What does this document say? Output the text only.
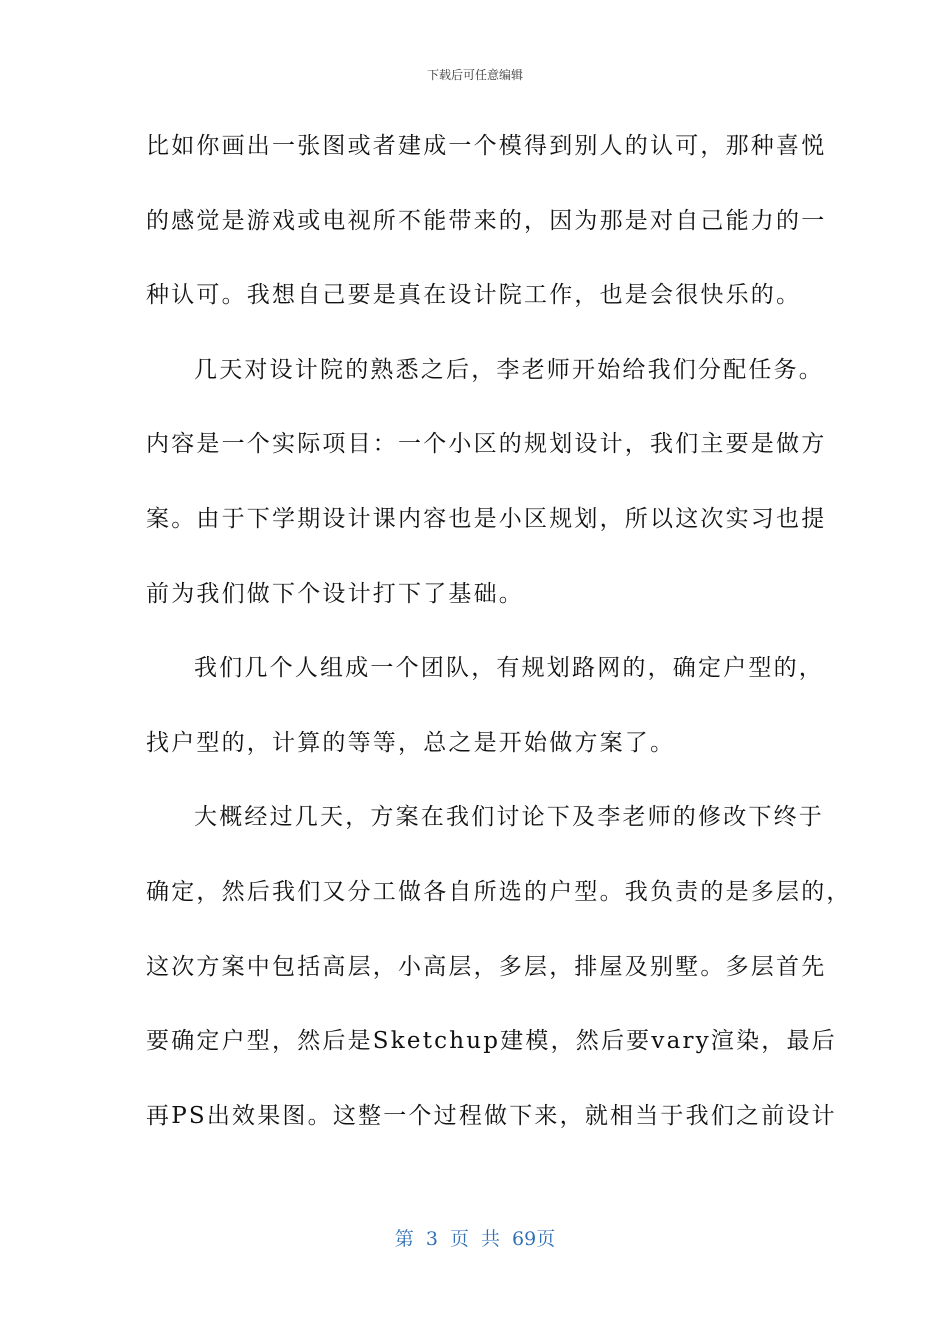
下载后可任意编辑
比如你画出一张图或者建成一个模得到别人的认可，那种喜悦
的感觉是游戏或电视所不能带来的，因为那是对自己能力的一
种认可。我想自己要是真在设计院工作，也是会很快乐的。
几天对设计院的熟悉之后，李老师开始给我们分配任务。
内容是一个实际项目：一个小区的规划设计，我们主要是做方
案。由于下学期设计课内容也是小区规划，所以这次实习也提
前为我们做下个设计打下了基础。
我们几个人组成一个团队，有规划路网的，确定户型的，
找户型的，计算的等等，总之是开始做方案了。
大概经过几天，方案在我们讨论下及李老师的修改下终于
确定，然后我们又分工做各自所选的户型。我负责的是多层的，
这次方案中包括高层，小高层，多层，排屋及别墅。多层首先
要确定户型，然后是Sketchup建模，然后要vary渲染，最后
再PS出效果图。这整一个过程做下来，就相当于我们之前设计
第 3 页 共 69页
